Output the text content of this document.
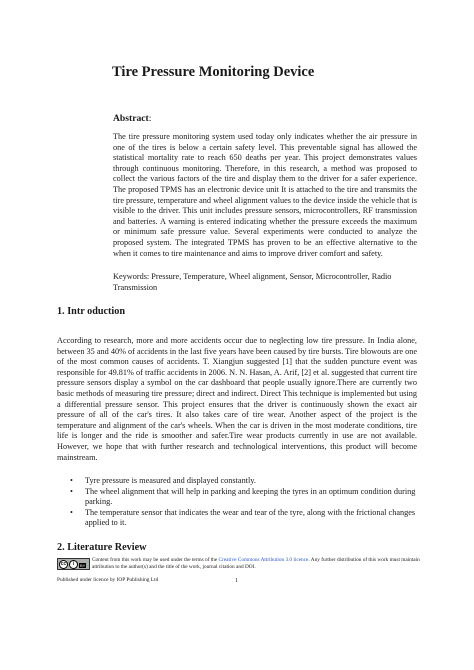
Tire Pressure Monitoring Device
Abstract:

The tire pressure monitoring system used today only indicates whether the air pressure in one of the tires is below a certain safety level. This preventable signal has allowed the statistical mortality rate to reach 650 deaths per year. This project demonstrates values through continuous monitoring. Therefore, in this research, a method was proposed to collect the various factors of the tire and display them to the driver for a safer experience. The proposed TPMS has an electronic device unit It is attached to the tire and transmits the tire pressure, temperature and wheel alignment values to the device inside the vehicle that is visible to the driver. This unit includes pressure sensors, microcontrollers, RF transmission and batteries. A warning is entered indicating whether the pressure exceeds the maximum or minimum safe pressure value. Several experiments were conducted to analyze the proposed system. The integrated TPMS has proven to be an effective alternative to the when it comes to tire maintenance and aims to improve driver comfort and safety.

Keywords: Pressure, Temperature, Wheel alignment, Sensor, Microcontroller, Radio Transmission

1. Intr oduction

According to research, more and more accidents occur due to neglecting low tire pressure. In India alone, between 35 and 40% of accidents in the last five years have been caused by tire bursts. Tire blowouts are one of the most common causes of accidents. T. Xiangjun suggested [1] that the sudden puncture event was responsible for 49.81% of traffic accidents in 2006. N. N. Hasan, A. Arif, [2] et al. suggested that current tire pressure sensors display a symbol on the car dashboard that people usually ignore.There are currently two basic methods of measuring tire pressure; direct and indirect. Direct This technique is implemented but using a differential pressure sensor. This project ensures that the driver is continuously shown the exact air pressure of all of the car's tires. It also takes care of tire wear. Another aspect of the project is the temperature and alignment of the car's wheels. When the car is driven in the most moderate conditions, tire life is longer and the ride is smoother and safer.Tire wear products currently in use are not available. However, we hope that with further research and technological interventions, this product will become mainstream.

• Tyre pressure is measured and displayed constantly.
• The wheel alignment that will help in parking and keeping the tyres in an optimum condition during parking.
• The temperature sensor that indicates the wear and tear of the tyre, along with the frictional changes applied to it.
2. Literature Review
cc	i	BY

Content from this work may be used under the terms of the Creative Commons Attribution 3.0 licence. Any further distribution of this work must maintain attribution to the author(s) and the title of the work, journal citation and DOI.

Published under licence by IOP Publishing Ltd	1
